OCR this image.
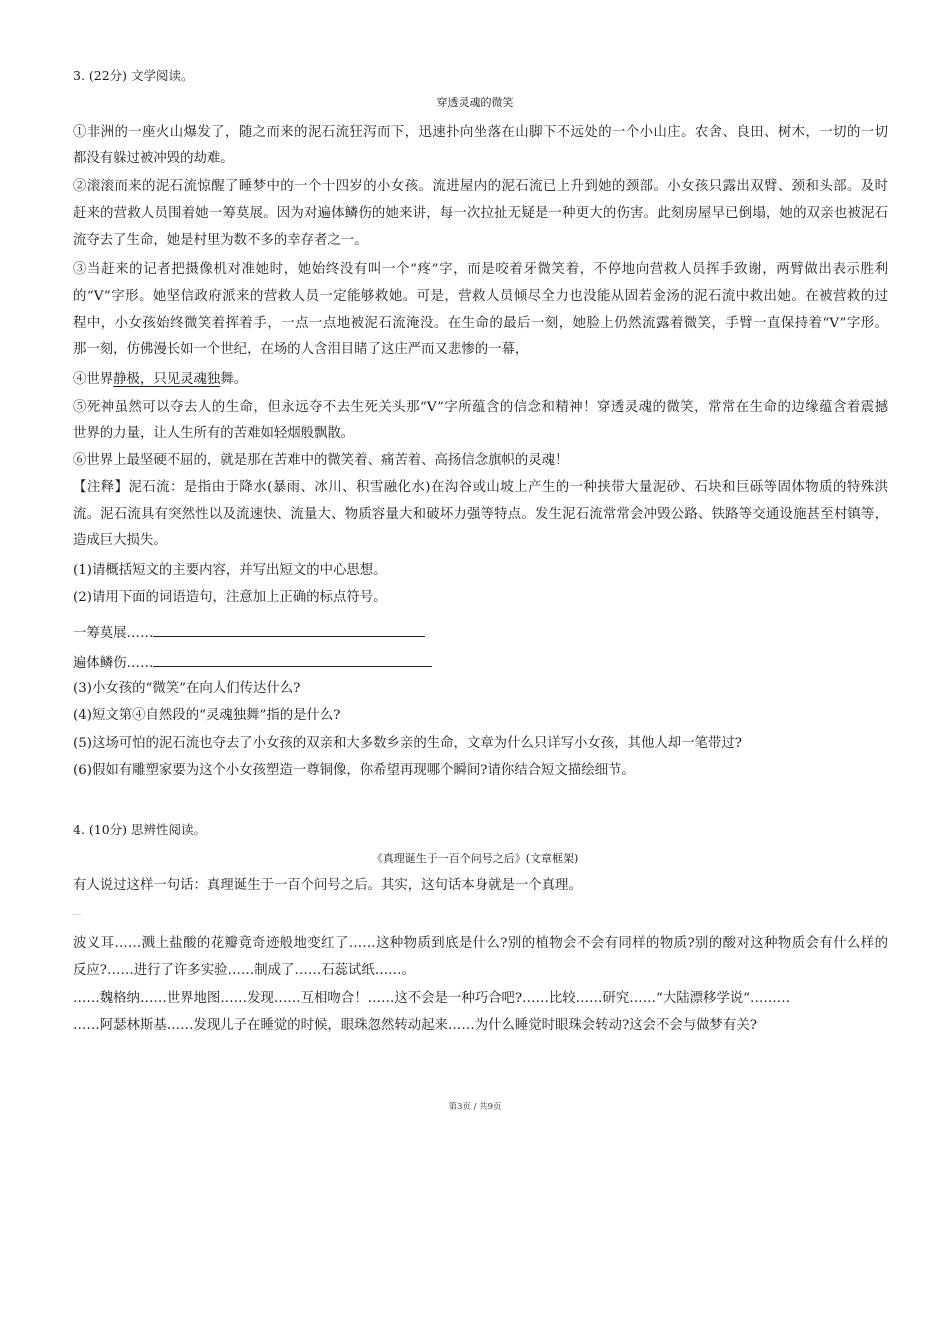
3. (22分) 文学阅读。
穿透灵魂的微笑
①非洲的一座火山爆发了，随之而来的泥石流狂泻而下，迅速扑向坐落在山脚下不远处的一个小山庄。农舍、良田、树木，一切的一切
都没有躲过被冲毁的劫难。
②滚滚而来的泥石流惊醒了睡梦中的一个十四岁的小女孩。流进屋内的泥石流已上升到她的颈部。小女孩只露出双臂、颈和头部。及时
赶来的营救人员围着她一筹莫展。因为对遍体鳞伤的她来讲，每一次拉扯无疑是一种更大的伤害。此刻房屋早已倒塌，她的双亲也被泥石
流夺去了生命，她是村里为数不多的幸存者之一。
③当赶来的记者把摄像机对准她时，她始终没有叫一个“疼”字，而是咬着牙微笑着，不停地向营救人员挥手致谢，两臂做出表示胜利
的“V”字形。她坚信政府派来的营救人员一定能够救她。可是，营救人员倾尽全力也没能从固若金汤的泥石流中救出她。在被营救的过
程中，小女孩始终微笑着挥着手，一点一点地被泥石流淹没。在生命的最后一刻，她脸上仍然流露着微笑，手臂一直保持着“V”字形。
那一刻，仿佛漫长如一个世纪，在场的人含泪目睹了这庄严而又悲惨的一幕，
④世界静极，只见灵魂独舞。
⑤死神虽然可以夺去人的生命，但永远夺不去生死关头那“V”字所蕴含的信念和精神！穿透灵魂的微笑，常常在生命的边缘蕴含着震撼
世界的力量，让人生所有的苦难如轻烟般飘散。
⑥世界上最坚硬不屈的，就是那在苦难中的微笑着、痛苦着、高扬信念旗帜的灵魂！
【注释】泥石流：是指由于降水(暴雨、冰川、积雪融化水)在沟谷或山坡上产生的一种挟带大量泥砂、石块和巨砾等固体物质的特殊洪
流。泥石流具有突然性以及流速快、流量大、物质容量大和破坏力强等特点。发生泥石流常常会冲毁公路、铁路等交通设施甚至村镇等，
造成巨大损失。
(1)请概括短文的主要内容，并写出短文的中心思想。
(2)请用下面的词语造句，注意加上正确的标点符号。
一筹莫展……
遍体鳞伤……
(3)小女孩的“微笑”在向人们传达什么?
(4)短文第④自然段的“灵魂独舞”指的是什么?
(5)这场可怕的泥石流也夺去了小女孩的双亲和大多数乡亲的生命，文章为什么只详写小女孩，其他人却一笔带过?
(6)假如有雕塑家要为这个小女孩塑造一尊铜像，你希望再现哪个瞬间?请你结合短文描绘细节。
4. (10分) 思辨性阅读。
《真理诞生于一百个问号之后》(文章框架)
有人说过这样一句话：真理诞生于一百个问号之后。其实，这句话本身就是一个真理。
波义耳……溅上盐酸的花瓣竟奇迹般地变红了……这种物质到底是什么?别的植物会不会有同样的物质?别的酸对这种物质会有什么样的
反应?……进行了许多实验……制成了……石蕊试纸……。
……魏格纳……世界地图……发现……互相吻合！……这不会是一种巧合吧?……比较……研究……“大陆漂移学说“………
……阿瑟林斯基……发现儿子在睡觉的时候，眼珠忽然转动起来……为什么睡觉时眼珠会转动?这会不会与做梦有关?
第3页 / 共9页
